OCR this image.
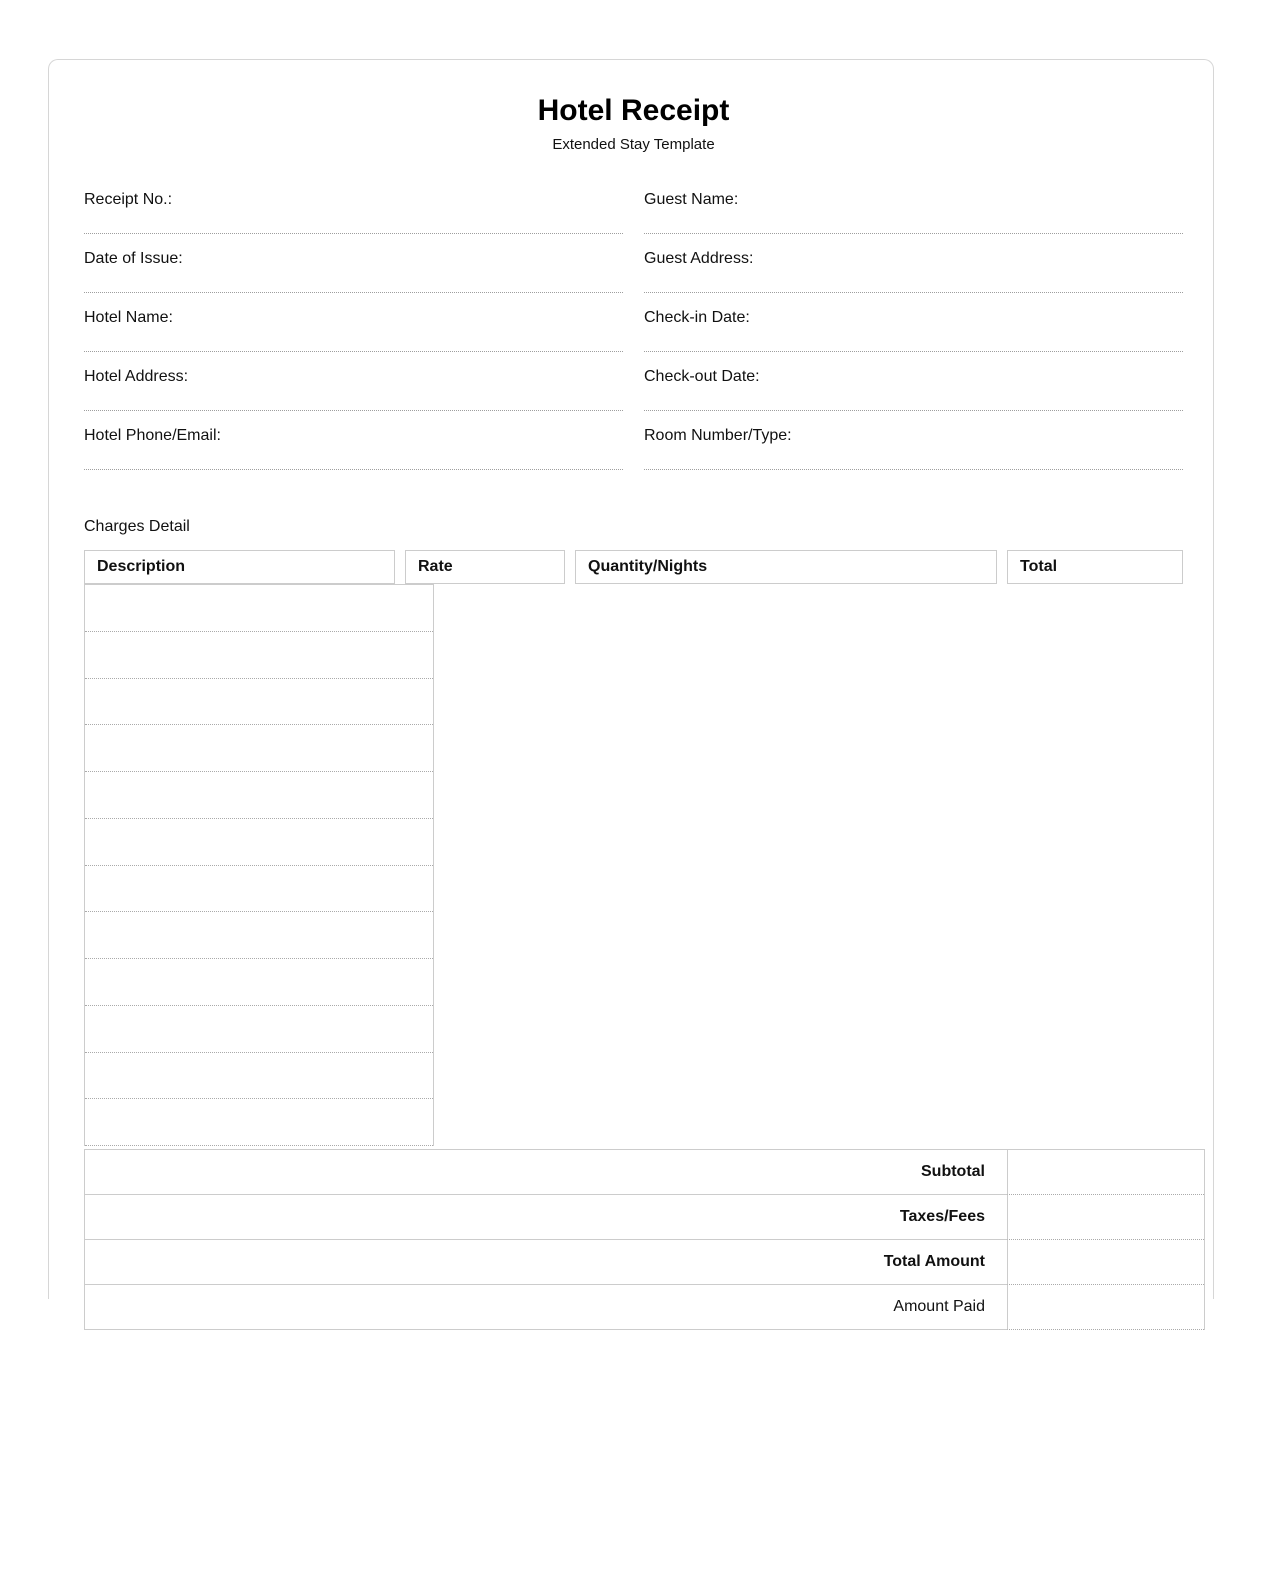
Hotel Receipt
Extended Stay Template
Receipt No.:	Guest Name:
Date of Issue:	Guest Address:
Hotel Name:	Check-in Date:
Hotel Address:	Check-out Date:
Hotel Phone/Email:	Room Number/Type:
Charges Detail
Description	Rate	Quantity/Nights	Total
Subtotal
Taxes/Fees
Total Amount
Amount Paid
